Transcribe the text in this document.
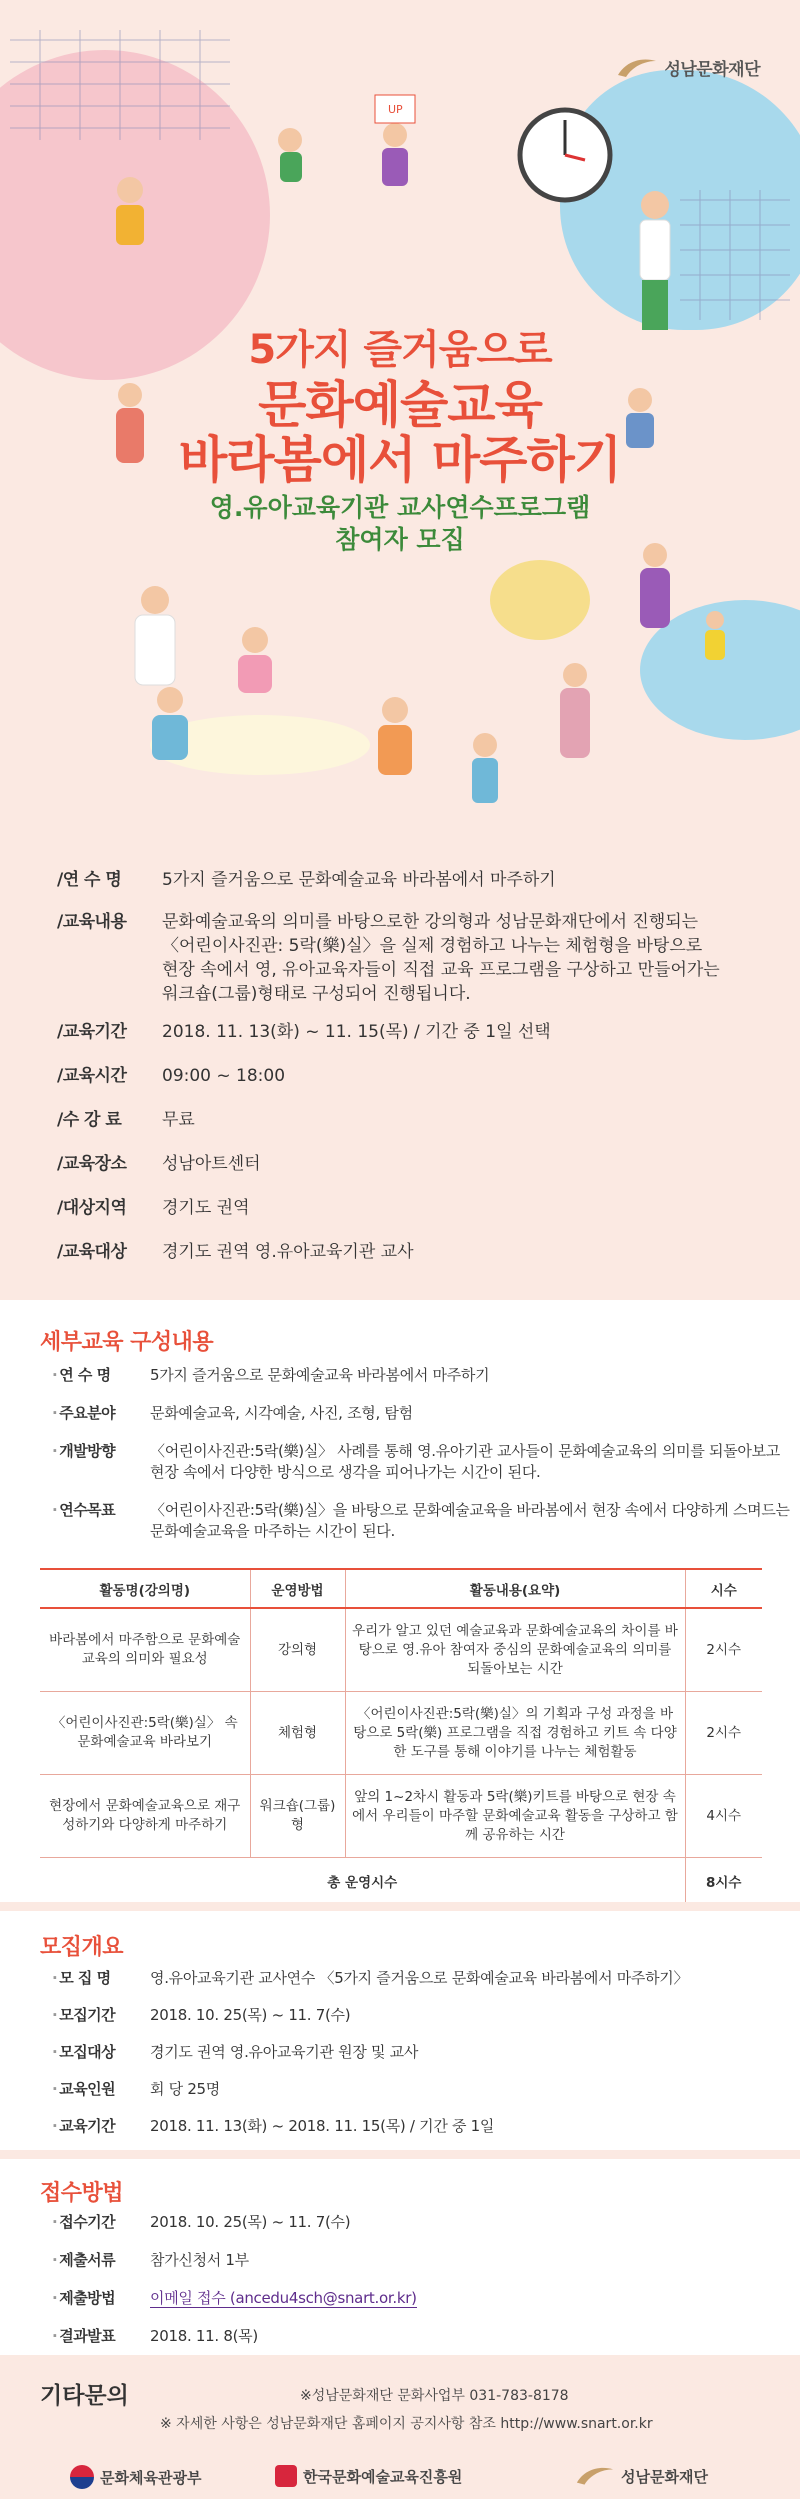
UP
성남문화재단
5가지 즐거움으로
문화예술교육
바라봄에서 마주하기
영.유아교육기관 교사연수프로그램
참여자 모집
/연 수 명	5가지 즐거움으로 문화예술교육 바라봄에서 마주하기
/교육내용	문화예술교육의 의미를 바탕으로한 강의형과 성남문화재단에서 진행되는 〈어린이사진관: 5락(樂)실〉을 실제 경험하고 나누는 체험형을 바탕으로 현장 속에서 영, 유아교육자들이 직접 교육 프로그램을 구상하고 만들어가는 워크숍(그룹)형태로 구성되어 진행됩니다.
/교육기간	2018. 11. 13(화) ~ 11. 15(목) / 기간 중 1일 선택
/교육시간	09:00 ~ 18:00
/수 강 료	무료
/교육장소	성남아트센터
/대상지역	경기도 권역
/교육대상	경기도 권역 영.유아교육기관 교사
세부교육 구성내용
· 연 수 명	5가지 즐거움으로 문화예술교육 바라봄에서 마주하기
· 주요분야	문화예술교육, 시각예술, 사진, 조형, 탐험
· 개발방향	〈어린이사진관:5락(樂)실〉 사례를 통해 영.유아기관 교사들이 문화예술교육의 의미를 되돌아보고 현장 속에서 다양한 방식으로 생각을 피어나가는 시간이 된다.
· 연수목표	〈어린이사진관:5락(樂)실〉을 바탕으로 문화예술교육을 바라봄에서 현장 속에서 다양하게 스며드는 문화예술교육을 마주하는 시간이 된다.
활동명(강의명)	운영방법	활동내용(요약)	시수
바라봄에서 마주함으로 문화예술교육의 의미와 필요성	강의형	우리가 알고 있던 예술교육과 문화예술교육의 차이를 바탕으로 영.유아 참여자 중심의 문화예술교육의 의미를 되돌아보는 시간	2시수
〈어린이사진관:5락(樂)실〉 속 문화예술교육 바라보기	체험형	〈어린이사진관:5락(樂)실〉의 기획과 구성 과정을 바탕으로 5락(樂) 프로그램을 직접 경험하고 키트 속 다양한 도구를 통해 이야기를 나누는 체험활동	2시수
현장에서 문화예술교육으로 재구성하기와 다양하게 마주하기	워크숍(그룹)형	앞의 1~2차시 활동과 5락(樂)키트를 바탕으로 현장 속에서 우리들이 마주할 문화예술교육 활동을 구상하고 함께 공유하는 시간	4시수
총 운영시수			8시수
모집개요
· 모 집 명	영.유아교육기관 교사연수 〈5가지 즐거움으로 문화예술교육 바라봄에서 마주하기〉
· 모집기간	2018. 10. 25(목) ~ 11. 7(수)
· 모집대상	경기도 권역 영.유아교육기관 원장 및 교사
· 교육인원	회 당 25명
· 교육기간	2018. 11. 13(화) ~ 2018. 11. 15(목) / 기간 중 1일
접수방법
· 접수기간	2018. 10. 25(목) ~ 11. 7(수)
· 제출서류	참가신청서 1부
· 제출방법	이메일 접수 (ancedu4sch@snart.or.kr)
· 결과발표	2018. 11. 8(목)
기타문의	※성남문화재단 문화사업부 031-783-8178
※ 자세한 사항은 성남문화재단 홈페이지 공지사항 참조 http://www.snart.or.kr
문화체육관광부	한국문화예술교육진흥원	성남문화재단
